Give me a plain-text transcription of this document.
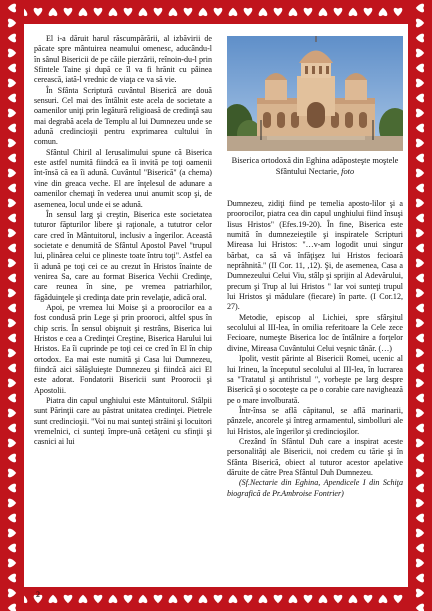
El i-a dăruit harul răscumpărării, al izbăvirii de păcate spre mântuirea neamului omenesc, aducându-l în sânul Bisericii de pe căile pierzării, reînoin-du-l prin Sfintele Taine şi după ce îl va fi hrănit cu pâinea cerească, iată-l vrednic de viaţa ce va să vie.

În Sfânta Scriptură cuvântul Biserică are două sensuri. Cel mai des întâlnit este acela de societate a oamenilor uniţi prin legătură religioasă de credinţă sau mai degrabă acela de Templu al lui Dumnezeu unde se adună credincioşii pentru exprimarea cultului în comun.

Sfântul Chiril al Ierusalimului spune că Biserica este astfel numită fiindcă ea îi invită pe toţi oamenii înt-însă că ea îi adună. Cuvântul "Biserică" (a chema) vine din greaca veche. El are înţelesul de adunare a oamenilor chemaţi în vederea unui anumit scop şi, de asemenea, locul unde ei se adună.

În sensul larg şi creştin, Biserica este societatea tuturor făpturilor libere şi raţionale, a tututror celor care cred în Mântuitorul, inclusiv a îngerilor. Această societate e denumită de Sfântul Apostol Pavel "trupul lui, plinărea celui ce plineste toate întru toţi". Astfel ea îi adună pe toţi cei ce au crezut în Hristos înainte de venirea Sa, care au format Biserica Vechii Credinţe, care reunea în sine, pe vremea patriarhilor, făgăduinţele şi credinţa date prin revelaţie, adică oral.

Apoi, pe vremea lui Moise şi a proorocilor ea a fost condusă prin Lege şi prin prooroci, altfel spus în chip scris. În sensul obişnuit şi restrâns, Biserica lui Hristos e cea a Credinţei Creştine, Biserica Harului lui Hristos. Ea îi cuprinde pe toţi cei ce cred în El în chip ortodox. Ea mai este numită şi Casa lui Dumnezeu, fiindcă aici sălăşluieşte Dumnezeu şi fiindcă aici El este adorat. Fondatorii Bisericii sunt Proorocii şi Apostolii.

Piatra din capul unghiului este Mântuitorul. Stâlpii sunt Părinţii care au păstrat unitatea credinţei. Pietrele sunt credincioşii. "Voi nu mai sunteţi străini şi locuitori vremelnici, ci sunteţi împre-ună cetăţeni cu sfinţii şi casnici ai lui

Biserica ortodoxă din Eghina adăposteşte moştele Sfântului Nectarie, foto

Dumnezeu, zidiţi fiind pe temelia aposto-lilor şi a proorocilor, piatra cea din capul unghiului fiind însuşi Iisus Hristos" (Efes.19-20). În fine, Biserica este numită în dumnezeieştile şi inspiratele Scripturi Mireasa lui Hristos: "…v-am logodit unui singur bărbat, ca să vă înfăţişez lui Hristos fecioară neprăhnită." (II Cor. 11, ,12). Şi, de asemenea, Casa a Dumnezeului Celui Viu, stâlp şi sprijin al Adevărului, precum şi Trup al lui Hristos " Iar voi sunteţi trupul lui Hristos şi mădulare (fiecare) în parte. (I Cor.12, 27).

Metodie, episcop al Lichiei, spre sfârşitul secolului al III-lea, în omilia referitoare la Cele zece Fecioare, numeşte Biserica loc de întâlnire a forţelor divine, Mireasa Cuvântului Celui veşnic tânăr. (…)

Ipolit, vestit părinte al Bisericii Romei, ucenic al lui Irineu, la începutul secolului al III-lea, în lucrarea sa "Tratatul şi antihristul ", vorbeşte pe larg despre Biserică şi o socoteşte ca pe o corabie care navighează pe o mare involburată.

Într-însa se află căpitanul, se află marinarii, pânzele, ancorele şi întreg armamentul, simbolluri ale lui Hristos, ale îngerilor şi credincioşilor.

Crezând în Sfântul Duh care a inspirat aceste personalităţi ale Bisericii, noi credem cu tărie şi în Sfânta Biserică, obiect al tuturor acestor apelative dăruite de către Prea Sfântul Duh Dumnezeu.

(Sf.Nectarie din Eghina, Apendicele I din Schiţa biografică de Pr.Ambroise Fontrier)

2
